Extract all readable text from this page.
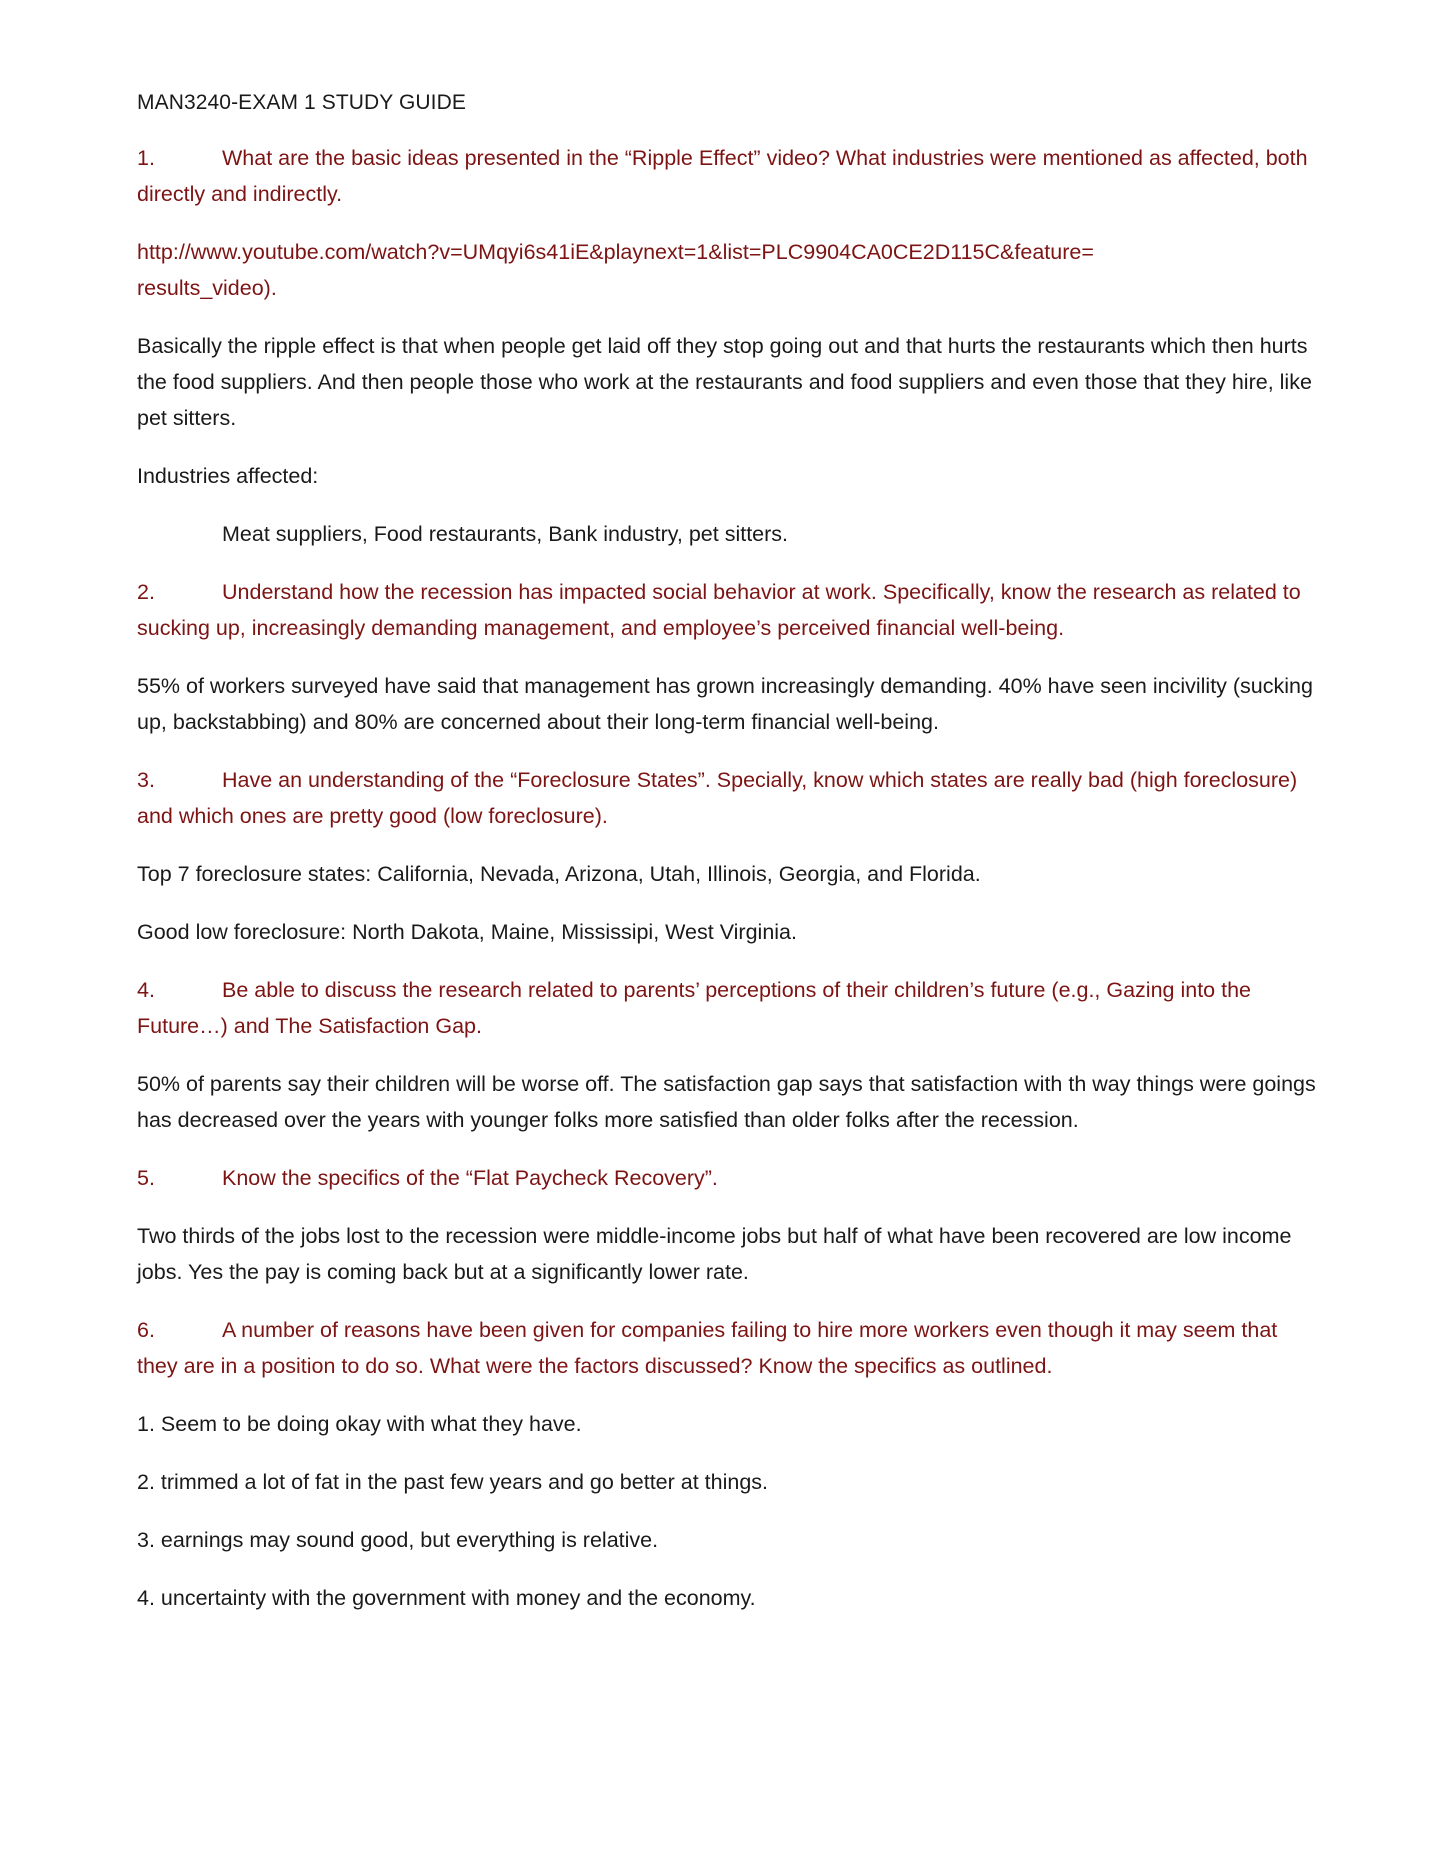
MAN3240-EXAM 1 STUDY GUIDE
1.	What are the basic ideas presented in the “Ripple Effect” video? What industries were mentioned as affected, both directly and indirectly.
http://www.youtube.com/watch?v=UMqyi6s41iE&playnext=1&list=PLC9904CA0CE2D115C&feature=
results_video).
Basically the ripple effect is that when people get laid off they stop going out and that hurts the restaurants which then hurts the food suppliers. And then people those who work at the restaurants and food suppliers and even those that they hire, like pet sitters.
Industries affected:
Meat suppliers, Food restaurants, Bank industry, pet sitters.
2.	Understand how the recession has impacted social behavior at work. Specifically, know the research as related to sucking up, increasingly demanding management, and employee’s perceived financial well-being.
55% of workers surveyed have said that management has grown increasingly demanding. 40% have seen incivility (sucking up, backstabbing) and 80% are concerned about their long-term financial well-being.
3.	Have an understanding of the “Foreclosure States”. Specially, know which states are really bad (high foreclosure) and which ones are pretty good (low foreclosure).
Top 7 foreclosure states: California, Nevada, Arizona, Utah, Illinois, Georgia, and Florida.
Good low foreclosure: North Dakota, Maine, Mississipi, West Virginia.
4.	Be able to discuss the research related to parents’ perceptions of their children’s future (e.g., Gazing into the Future…) and The Satisfaction Gap.
50% of parents say their children will be worse off. The satisfaction gap says that satisfaction with th way things were goings has decreased over the years with younger folks more satisfied than older folks after the recession.
5.	Know the specifics of the “Flat Paycheck Recovery”.
Two thirds of the jobs lost to the recession were middle-income jobs but half of what have been recovered are low income jobs. Yes the pay is coming back but at a significantly lower rate.
6.	A number of reasons have been given for companies failing to hire more workers even though it may seem that they are in a position to do so. What were the factors discussed? Know the specifics as outlined.
1. Seem to be doing okay with what they have.
2. trimmed a lot of fat in the past few years and go better at things.
3. earnings may sound good, but everything is relative.
4. uncertainty with the government with money and the economy.
